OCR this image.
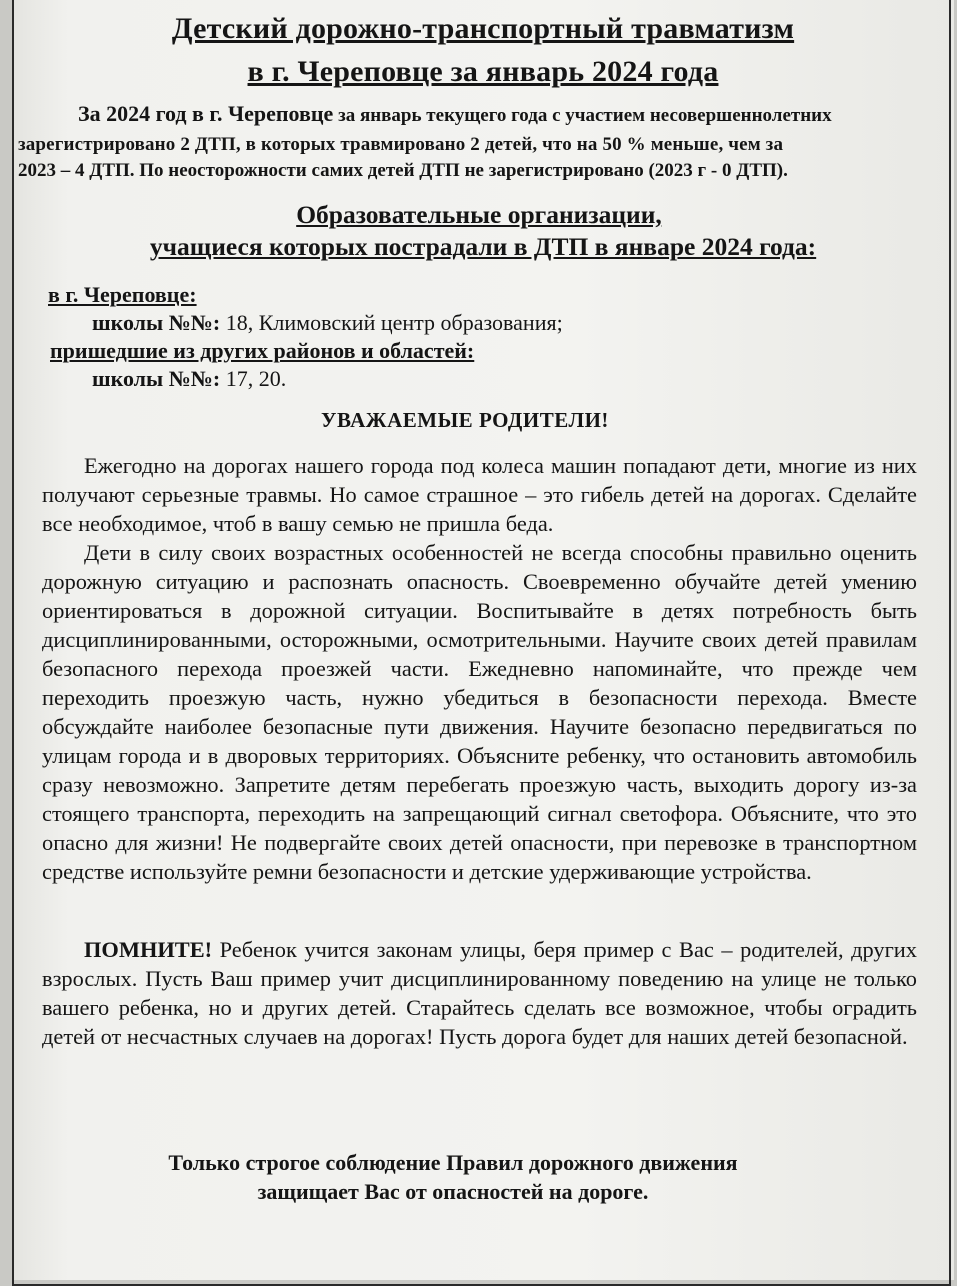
Детский дорожно-транспортный травматизм
в г. Череповце за январь 2024 года
За 2024 год в г. Череповце за январь текущего года с участием несовершеннолетних
зарегистрировано 2 ДТП, в которых травмировано 2 детей, что на 50 % меньше, чем за
2023 – 4 ДТП. По неосторожности самих детей ДТП не зарегистрировано (2023 г - 0 ДТП).
Образовательные организации,
учащиеся которых пострадали в ДТП в январе 2024 года:
в г. Череповце:
школы №№: 18, Климовский центр образования;
пришедшие из других районов и областей:
школы №№: 17, 20.
УВАЖАЕМЫЕ РОДИТЕЛИ!

Ежегодно на дорогах нашего города под колеса машин попадают дети, многие из них получают серьезные травмы. Но самое страшное – это гибель детей на дорогах. Сделайте все необходимое, чтоб в вашу семью не пришла беда.

Дети в силу своих возрастных особенностей не всегда способны правильно оценить дорожную ситуацию и распознать опасность. Своевременно обучайте детей умению ориентироваться в дорожной ситуации. Воспитывайте в детях потребность быть дисциплинированными, осторожными, осмотрительными. Научите своих детей правилам безопасного перехода проезжей части. Ежедневно напоминайте, что прежде чем переходить проезжую часть, нужно убедиться в безопасности перехода. Вместе обсуждайте наиболее безопасные пути движения. Научите безопасно передвигаться по улицам города и в дворовых территориях. Объясните ребенку, что остановить автомобиль сразу невозможно. Запретите детям перебегать проезжую часть, выходить дорогу из-за стоящего транспорта, переходить на запрещающий сигнал светофора. Объясните, что это опасно для жизни! Не подвергайте своих детей опасности, при перевозке в транспортном средстве используйте ремни безопасности и детские удерживающие устройства.

ПОМНИТЕ! Ребенок учится законам улицы, беря пример с Вас – родителей, других взрослых. Пусть Ваш пример учит дисциплинированному поведению на улице не только вашего ребенка, но и других детей. Старайтесь сделать все возможное, чтобы оградить детей от несчастных случаев на дорогах! Пусть дорога будет для наших детей безопасной.
Только строгое соблюдение Правил дорожного движения
защищает Вас от опасностей на дороге.
